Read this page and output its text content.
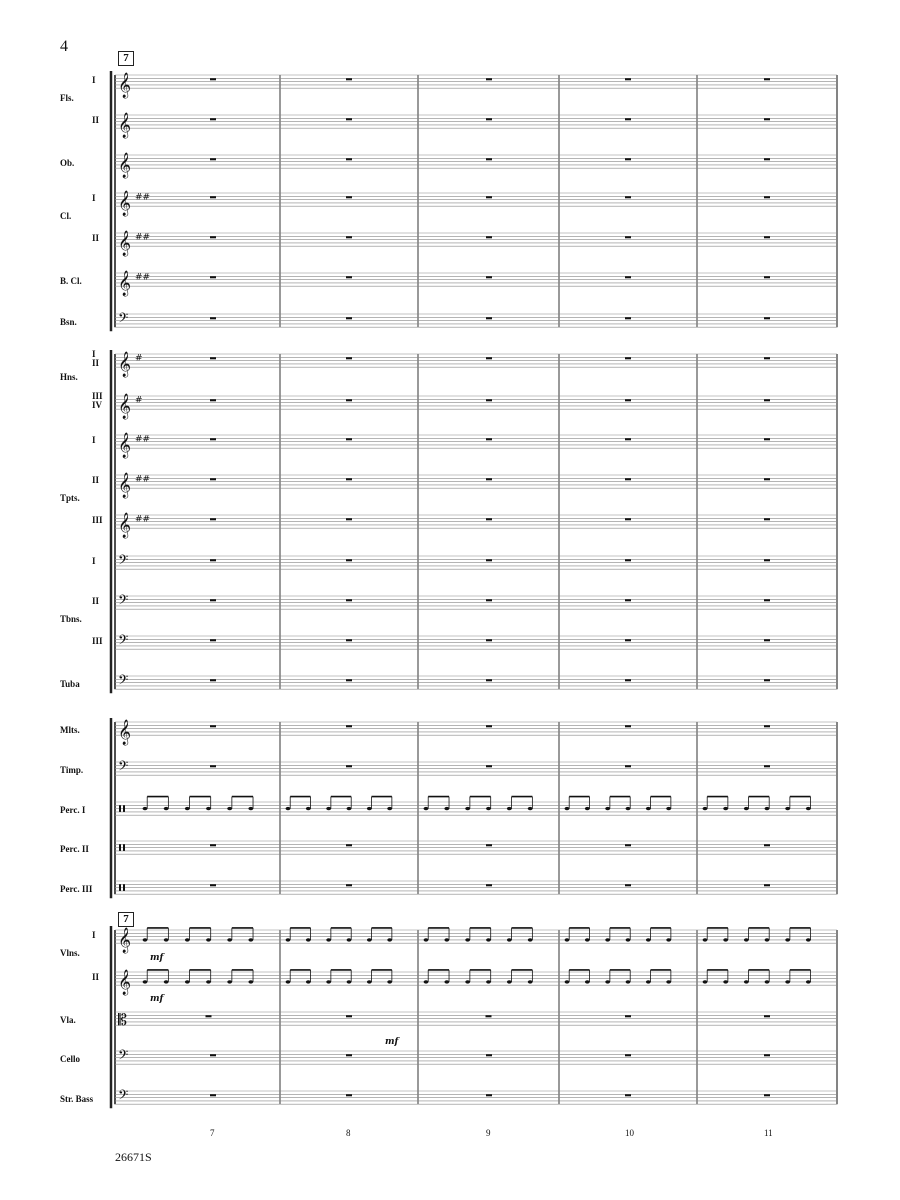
4
7
7
Fls.
I
II
Ob.
Cl.
I
II
B. Cl.
Bsn.
Hns.
I
II
III
IV
I
Tpts.
II
III
I
Tbns.
II
III
Tuba
Mlts.
Timp.
Perc. I
Perc. II
Perc. III
Vlns.
I
II
Vla.
Cello
Str. Bass
7	8	9	10	11
𝄞
𝄞
𝄞
𝄞 ##
𝄞 ##
𝄞 ##
𝄢
𝄞 #
𝄞 #
𝄞 ##
𝄞 ##
𝄞 ##
𝄢
𝄢
𝄢
𝄢
𝄞
𝄢
𝄞
𝄞
𝄡
𝄢
𝄢
mf
mf
mf
26671S
